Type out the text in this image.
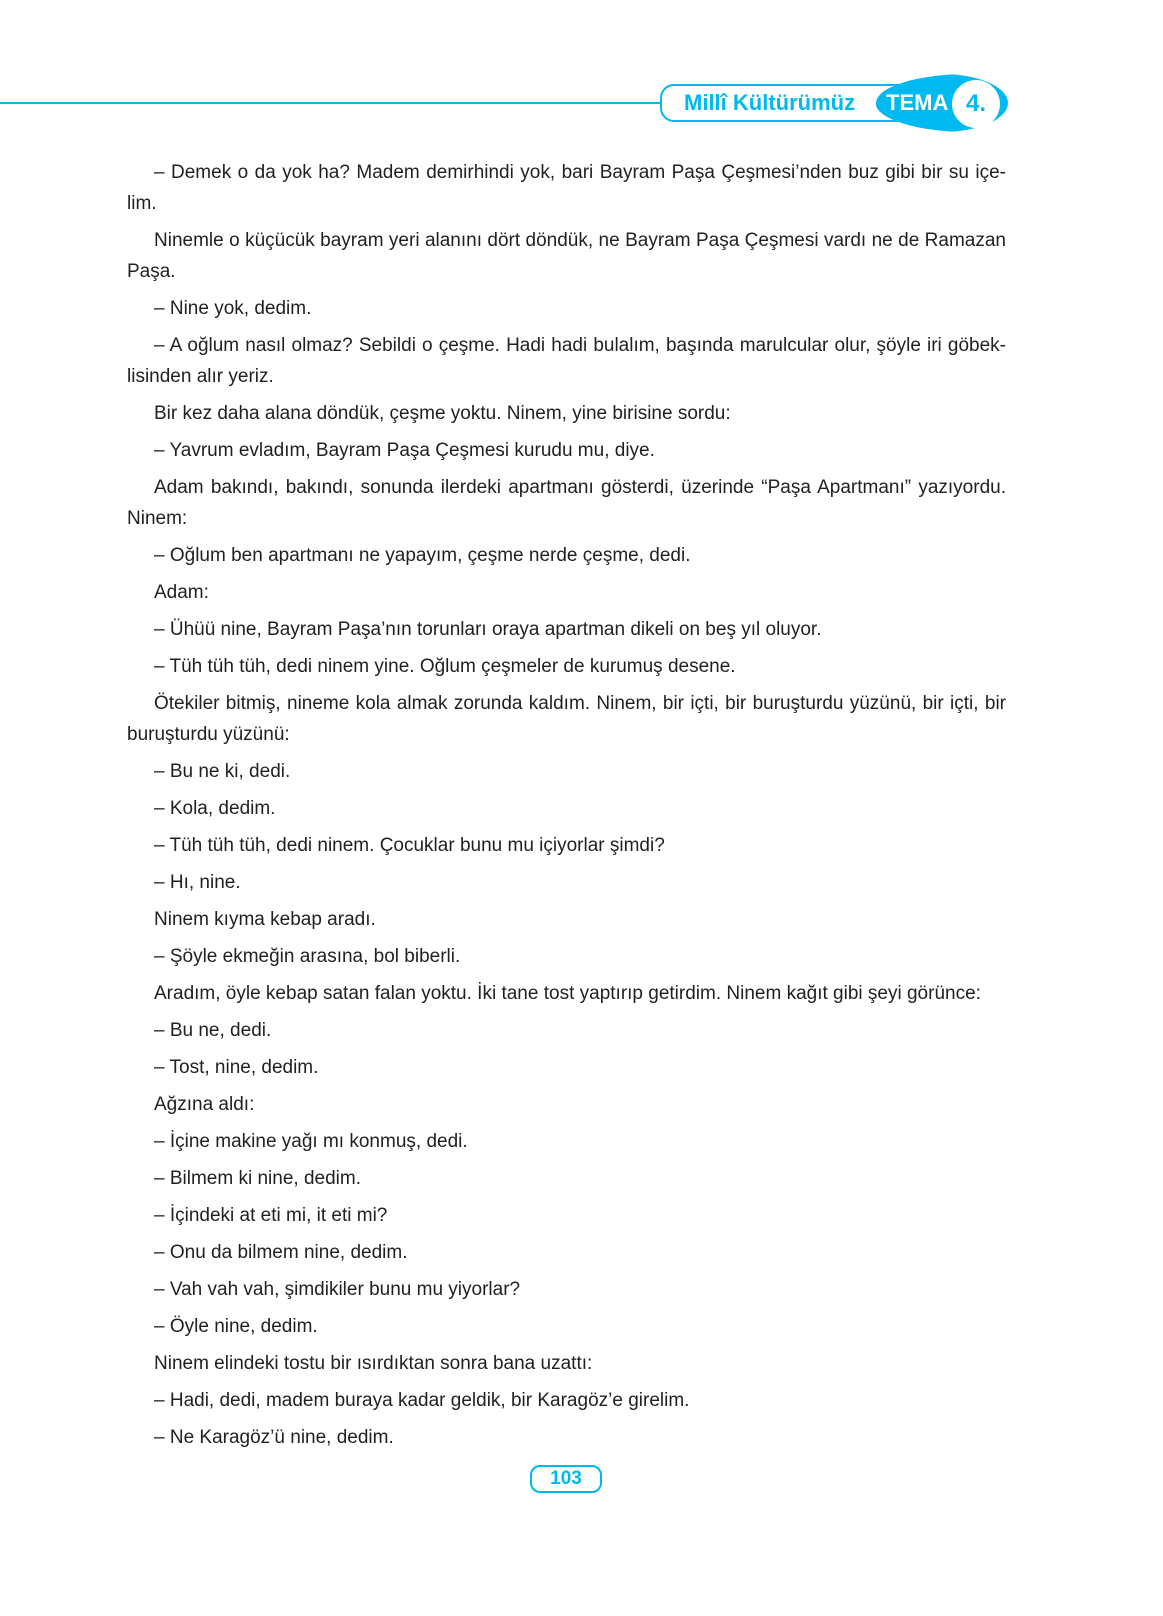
Millî Kültürümüz TEMA 4.
– Demek o da yok ha? Madem demirhindi yok, bari Bayram Paşa Çeşmesi’nden buz gibi bir su içe-
lim.
Ninemle o küçücük bayram yeri alanını dört döndük, ne Bayram Paşa Çeşmesi vardı ne de Ramazan
Paşa.
– Nine yok, dedim.
– A oğlum nasıl olmaz? Sebildi o çeşme. Hadi hadi bulalım, başında marulcular olur, şöyle iri göbek-
lisinden alır yeriz.
Bir kez daha alana döndük, çeşme yoktu. Ninem, yine birisine sordu:
– Yavrum evladım, Bayram Paşa Çeşmesi kurudu mu, diye.
Adam bakındı, bakındı, sonunda ilerdeki apartmanı gösterdi, üzerinde “Paşa Apartmanı” yazıyordu.
Ninem:
– Oğlum ben apartmanı ne yapayım, çeşme nerde çeşme, dedi.
Adam:
– Ühüü nine, Bayram Paşa’nın torunları oraya apartman dikeli on beş yıl oluyor.
– Tüh tüh tüh, dedi ninem yine. Oğlum çeşmeler de kurumuş desene.
Ötekiler bitmiş, nineme kola almak zorunda kaldım. Ninem, bir içti, bir buruşturdu yüzünü, bir içti, bir
buruşturdu yüzünü:
– Bu ne ki, dedi.
– Kola, dedim.
– Tüh tüh tüh, dedi ninem. Çocuklar bunu mu içiyorlar şimdi?
– Hı, nine.
Ninem kıyma kebap aradı.
– Şöyle ekmeğin arasına, bol biberli.
Aradım, öyle kebap satan falan yoktu. İki tane tost yaptırıp getirdim. Ninem kağıt gibi şeyi görünce:
– Bu ne, dedi.
– Tost, nine, dedim.
Ağzına aldı:
– İçine makine yağı mı konmuş, dedi.
– Bilmem ki nine, dedim.
– İçindeki at eti mi, it eti mi?
– Onu da bilmem nine, dedim.
– Vah vah vah, şimdikiler bunu mu yiyorlar?
– Öyle nine, dedim.
Ninem elindeki tostu bir ısırdıktan sonra bana uzattı:
– Hadi, dedi, madem buraya kadar geldik, bir Karagöz’e girelim.
– Ne Karagöz’ü nine, dedim.
103
